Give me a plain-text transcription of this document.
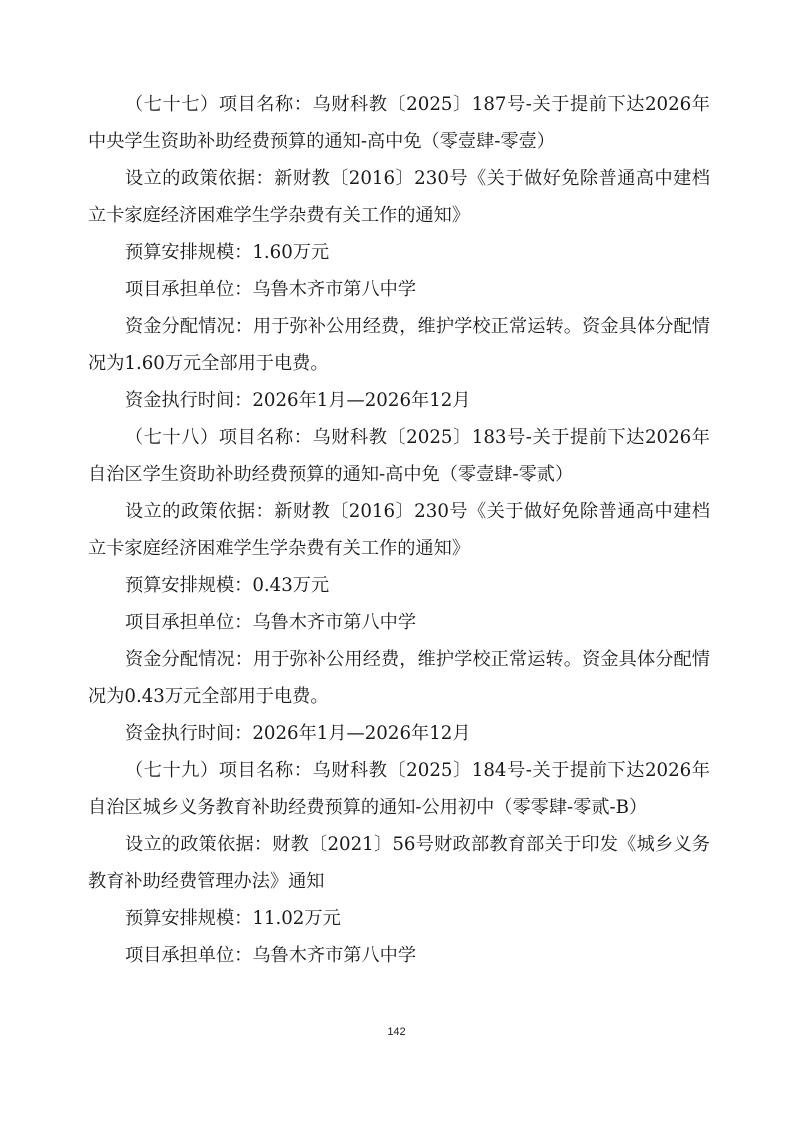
（七十七）项目名称：乌财科教〔2025〕187号-关于提前下达2026年中央学生资助补助经费预算的通知-高中免（零壹肆-零壹）

设立的政策依据：新财教〔2016〕230号《关于做好免除普通高中建档立卡家庭经济困难学生学杂费有关工作的通知》

预算安排规模：1.60万元

项目承担单位：乌鲁木齐市第八中学

资金分配情况：用于弥补公用经费，维护学校正常运转。资金具体分配情况为1.60万元全部用于电费。

资金执行时间：2026年1月—2026年12月

（七十八）项目名称：乌财科教〔2025〕183号-关于提前下达2026年自治区学生资助补助经费预算的通知-高中免（零壹肆-零贰）

设立的政策依据：新财教〔2016〕230号《关于做好免除普通高中建档立卡家庭经济困难学生学杂费有关工作的通知》

预算安排规模：0.43万元

项目承担单位：乌鲁木齐市第八中学

资金分配情况：用于弥补公用经费，维护学校正常运转。资金具体分配情况为0.43万元全部用于电费。

资金执行时间：2026年1月—2026年12月

（七十九）项目名称：乌财科教〔2025〕184号-关于提前下达2026年自治区城乡义务教育补助经费预算的通知-公用初中（零零肆-零贰-B）

设立的政策依据：财教〔2021〕56号财政部教育部关于印发《城乡义务教育补助经费管理办法》通知

预算安排规模：11.02万元

项目承担单位：乌鲁木齐市第八中学

142
